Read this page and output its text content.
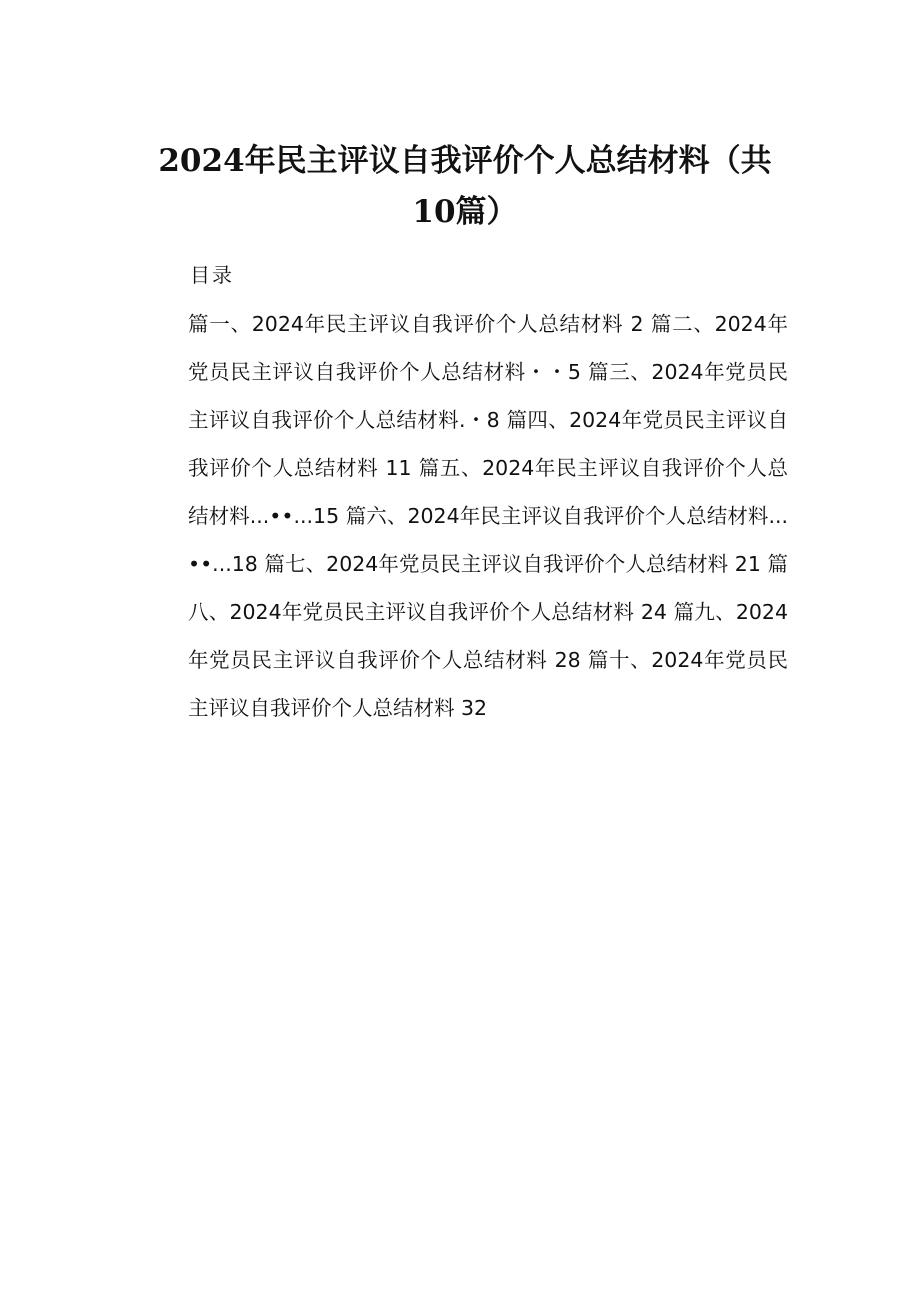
2024年民主评议自我评价个人总结材料（共10篇）
目录

篇一、2024年民主评议自我评价个人总结材料 2 篇二、2024年党员民主评议自我评价个人总结材料・・5 篇三、2024年党员民主评议自我评价个人总结材料.・8 篇四、2024年党员民主评议自我评价个人总结材料 11 篇五、2024年民主评议自我评价个人总结材料...••...15 篇六、2024年民主评议自我评价个人总结材料...••...18 篇七、2024年党员民主评议自我评价个人总结材料 21 篇八、2024年党员民主评议自我评价个人总结材料 24 篇九、2024年党员民主评议自我评价个人总结材料 28 篇十、2024年党员民主评议自我评价个人总结材料 32
